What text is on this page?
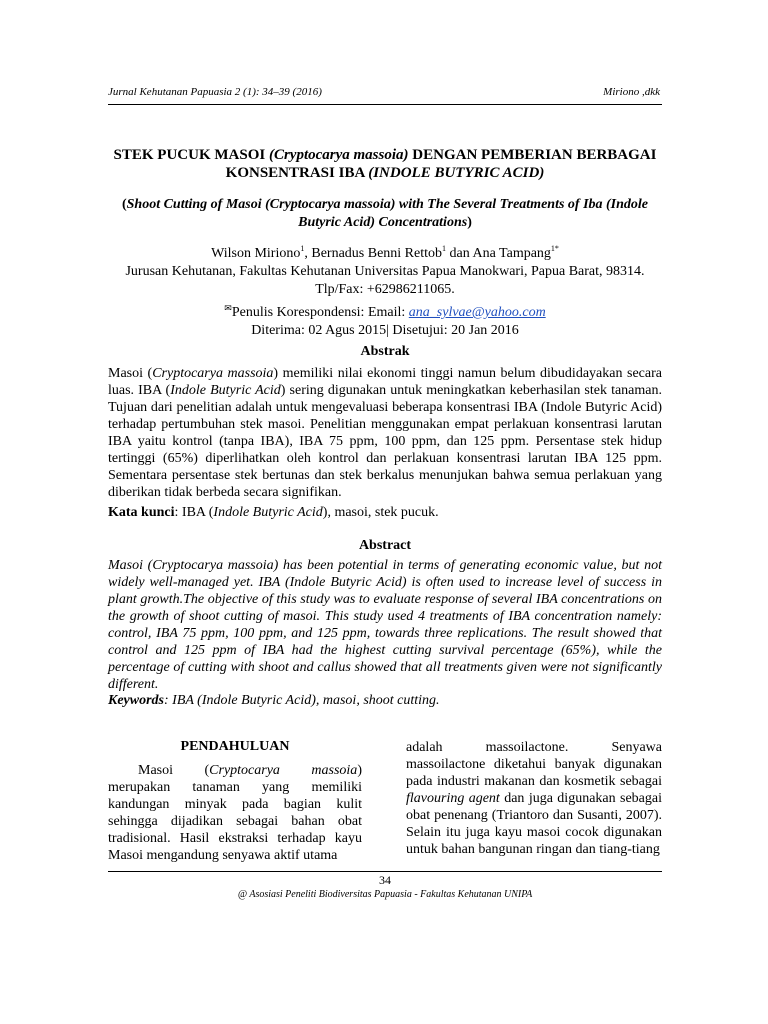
Jurnal Kehutanan Papuasia 2 (1): 34–39 (2016)	Miriono ,dkk
STEK PUCUK MASOI (Cryptocarya massoia) DENGAN PEMBERIAN BERBAGAI KONSENTRASI IBA (INDOLE BUTYRIC ACID)
(Shoot Cutting of Masoi (Cryptocarya massoia) with The Several Treatments of Iba (Indole Butyric Acid) Concentrations)
Wilson Miriono$^1$, Bernadus Benni Rettob$^1$ dan Ana Tampang$^{1*}$
Jurusan Kehutanan, Fakultas Kehutanan Universitas Papua Manokwari, Papua Barat, 98314. Tlp/Fax: +62986211065.
✉Penulis Korespondensi: Email: ana_sylvae@yahoo.com
Diterima: 02 Agus 2015| Disetujui: 20 Jan 2016
Abstrak

Masoi (Cryptocarya massoia) memiliki nilai ekonomi tinggi namun belum dibudidayakan secara luas. IBA (Indole Butyric Acid) sering digunakan untuk meningkatkan keberhasilan stek tanaman. Tujuan dari penelitian adalah untuk mengevaluasi beberapa konsentrasi IBA (Indole Butyric Acid) terhadap pertumbuhan stek masoi. Penelitian menggunakan empat perlakuan konsentrasi larutan IBA yaitu kontrol (tanpa IBA), IBA 75 ppm, 100 ppm, dan 125 ppm. Persentase stek hidup tertinggi (65%) diperlihatkan oleh kontrol dan perlakuan konsentrasi larutan IBA 125 ppm. Sementara persentase stek bertunas dan stek berkalus menunjukan bahwa semua perlakuan yang diberikan tidak berbeda secara signifikan.

Kata kunci: IBA (Indole Butyric Acid), masoi, stek pucuk.
Abstract

Masoi (Cryptocarya massoia) has been potential in terms of generating economic value, but not widely well-managed yet. IBA (Indole Butyric Acid) is often used to increase level of success in plant growth.The objective of this study was to evaluate response of several IBA concentrations on the growth of shoot cutting of masoi. This study used 4 treatments of IBA concentration namely: control, IBA 75 ppm, 100 ppm, and 125 ppm, towards three replications. The result showed that control and 125 ppm of IBA had the highest cutting survival percentage (65%), while the percentage of cutting with shoot and callus showed that all treatments given were not significantly different.

Keywords: IBA (Indole Butyric Acid), masoi, shoot cutting.
PENDAHULUAN

Masoi (Cryptocarya massoia) merupakan tanaman yang memiliki kandungan minyak pada bagian kulit sehingga dijadikan sebagai bahan obat tradisional. Hasil ekstraksi terhadap kayu Masoi mengandung senyawa aktif utama

adalah massoilactone. Senyawa massoilactone diketahui banyak digunakan pada industri makanan dan kosmetik sebagai flavouring agent dan juga digunakan sebagai obat penenang (Triantoro dan Susanti, 2007). Selain itu juga kayu masoi cocok digunakan untuk bahan bangunan ringan dan tiang-tiang

34
@ Asosiasi Peneliti Biodiversitas Papuasia - Fakultas Kehutanan UNIPA
